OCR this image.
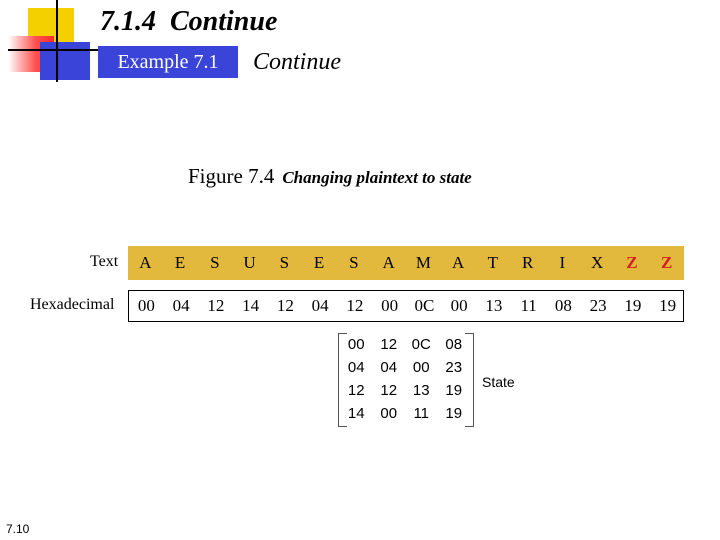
7.1.4  Continue
Example 7.1	Continue
Figure 7.4 Changing plaintext to state
Text
Hexadecimal
A	E	S	U	S	E	S	A	M	A	T	R	I	X	Z	Z
00	04	12	14	12	04	12	00 0C 00	13	11	08	23	19	19
00	12 0C 08
04	04	00	23
12	12	13	19
14	00	11	19
State
7.10
